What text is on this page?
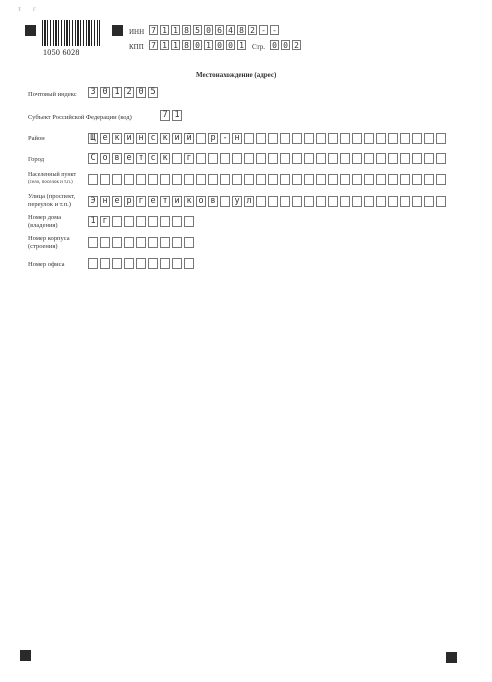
т г
1050 6028
ИНН 7 1 1 8 5 0 6 4 8 2 - -
КПП 7 1 1 8 0 1 0 0 1 Стр. 0 0 2
Местонахождение (адрес)
Почтовый индекс 3 0 1 2 0 5
Субъект Российской Федерации (код)	7 1
Район	Щ е к и н с к и й р - н
Город	С о в е т с к г
Населенный пункт
(село, поселок и т.п.)
Улица (проспект,
переулок и т.п.) Э н е р г е т и к о в у л
Номер дома
(владения)	1 г
Номер корпуса
(строения)
Номер офиса
